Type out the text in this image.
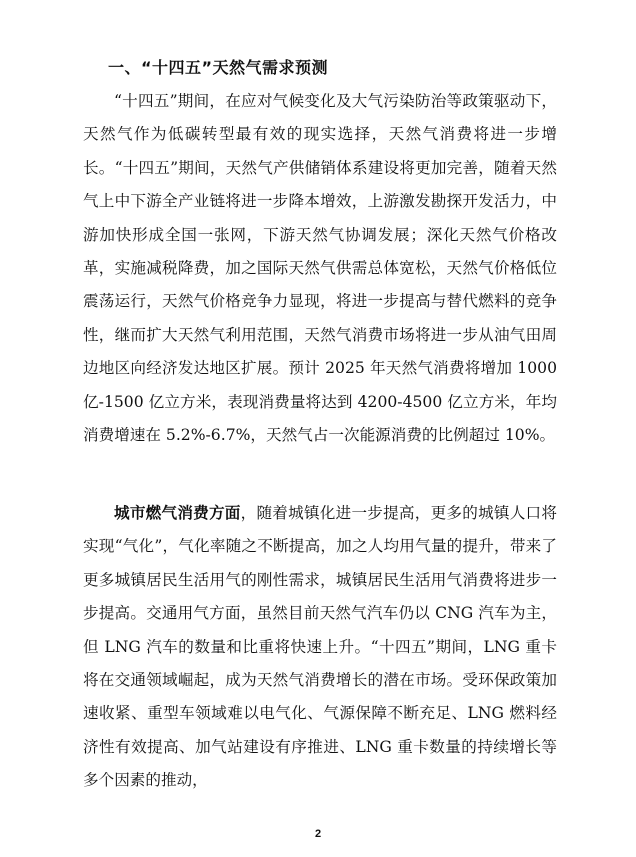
一、“十四五”天然气需求预测

“十四五”期间，在应对气候变化及大气污染防治等政策驱动下，天然气作为低碳转型最有效的现实选择，天然气消费将进一步增长。“十四五”期间，天然气产供储销体系建设将更加完善，随着天然气上中下游全产业链将进一步降本增效，上游激发勘探开发活力，中游加快形成全国一张网，下游天然气协调发展；深化天然气价格改革，实施减税降费，加之国际天然气供需总体宽松，天然气价格低位震荡运行，天然气价格竞争力显现，将进一步提高与替代燃料的竞争性，继而扩大天然气利用范围，天然气消费市场将进一步从油气田周边地区向经济发达地区扩展。预计 2025 年天然气消费将增加 1000 亿-1500 亿立方米，表现消费量将达到 4200-4500 亿立方米，年均消费增速在 5.2%-6.7%，天然气占一次能源消费的比例超过 10%。

城市燃气消费方面，随着城镇化进一步提高，更多的城镇人口将实现“气化”，气化率随之不断提高，加之人均用气量的提升，带来了更多城镇居民生活用气的刚性需求，城镇居民生活用气消费将进步一步提高。交通用气方面，虽然目前天然气汽车仍以 CNG 汽车为主，但 LNG 汽车的数量和比重将快速上升。“十四五”期间，LNG 重卡将在交通领域崛起，成为天然气消费增长的潜在市场。受环保政策加速收紧、重型车领域难以电气化、气源保障不断充足、LNG 燃料经济性有效提高、加气站建设有序推进、LNG 重卡数量的持续增长等多个因素的推动，

2
